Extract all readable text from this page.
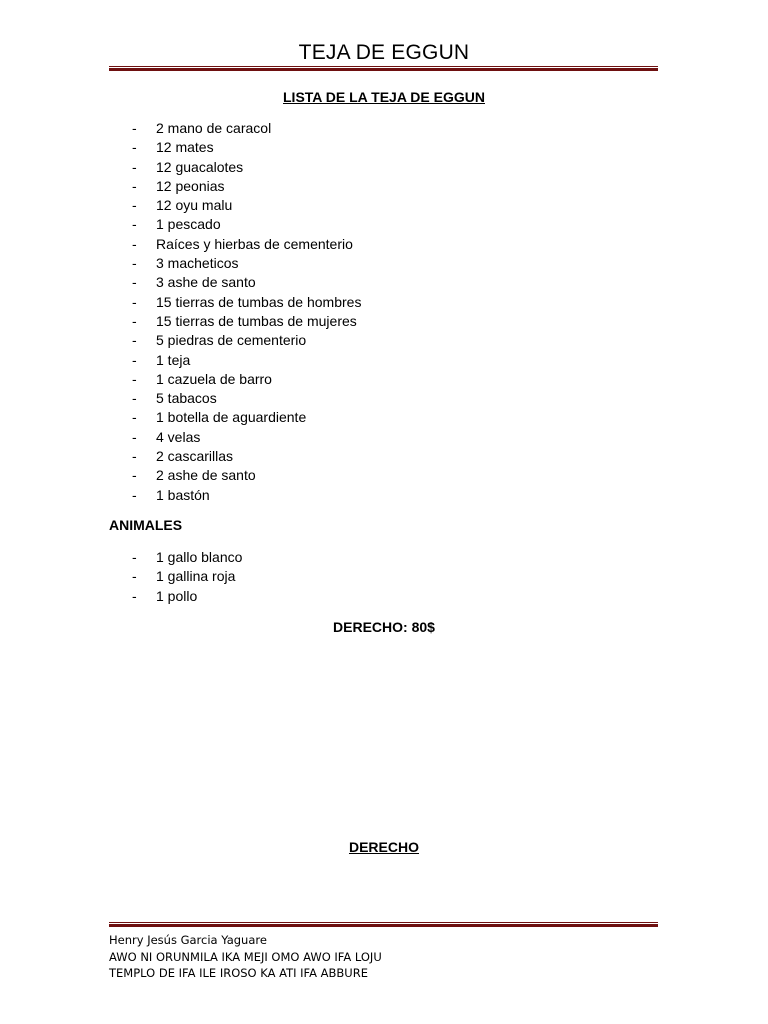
TEJA DE EGGUN
LISTA DE LA TEJA DE EGGUN
- 2 mano de caracol
- 12 mates
- 12 guacalotes
- 12 peonias
- 12 oyu malu
- 1 pescado
- Raíces y hierbas de cementerio
- 3 macheticos
- 3 ashe de santo
- 15 tierras de tumbas de hombres
- 15 tierras de tumbas de mujeres
- 5 piedras de cementerio
- 1 teja
- 1 cazuela de barro
- 5 tabacos
- 1 botella de aguardiente
- 4 velas
- 2 cascarillas
- 2 ashe de santo
- 1 bastón
ANIMALES
- 1 gallo blanco
- 1 gallina roja
- 1 pollo
DERECHO: 80$
DERECHO
Henry Jesús Garcia Yaguare
AWO NI ORUNMILA IKA MEJI OMO AWO IFA LOJU
TEMPLO DE IFA ILE IROSO KA ATI IFA ABBURE
